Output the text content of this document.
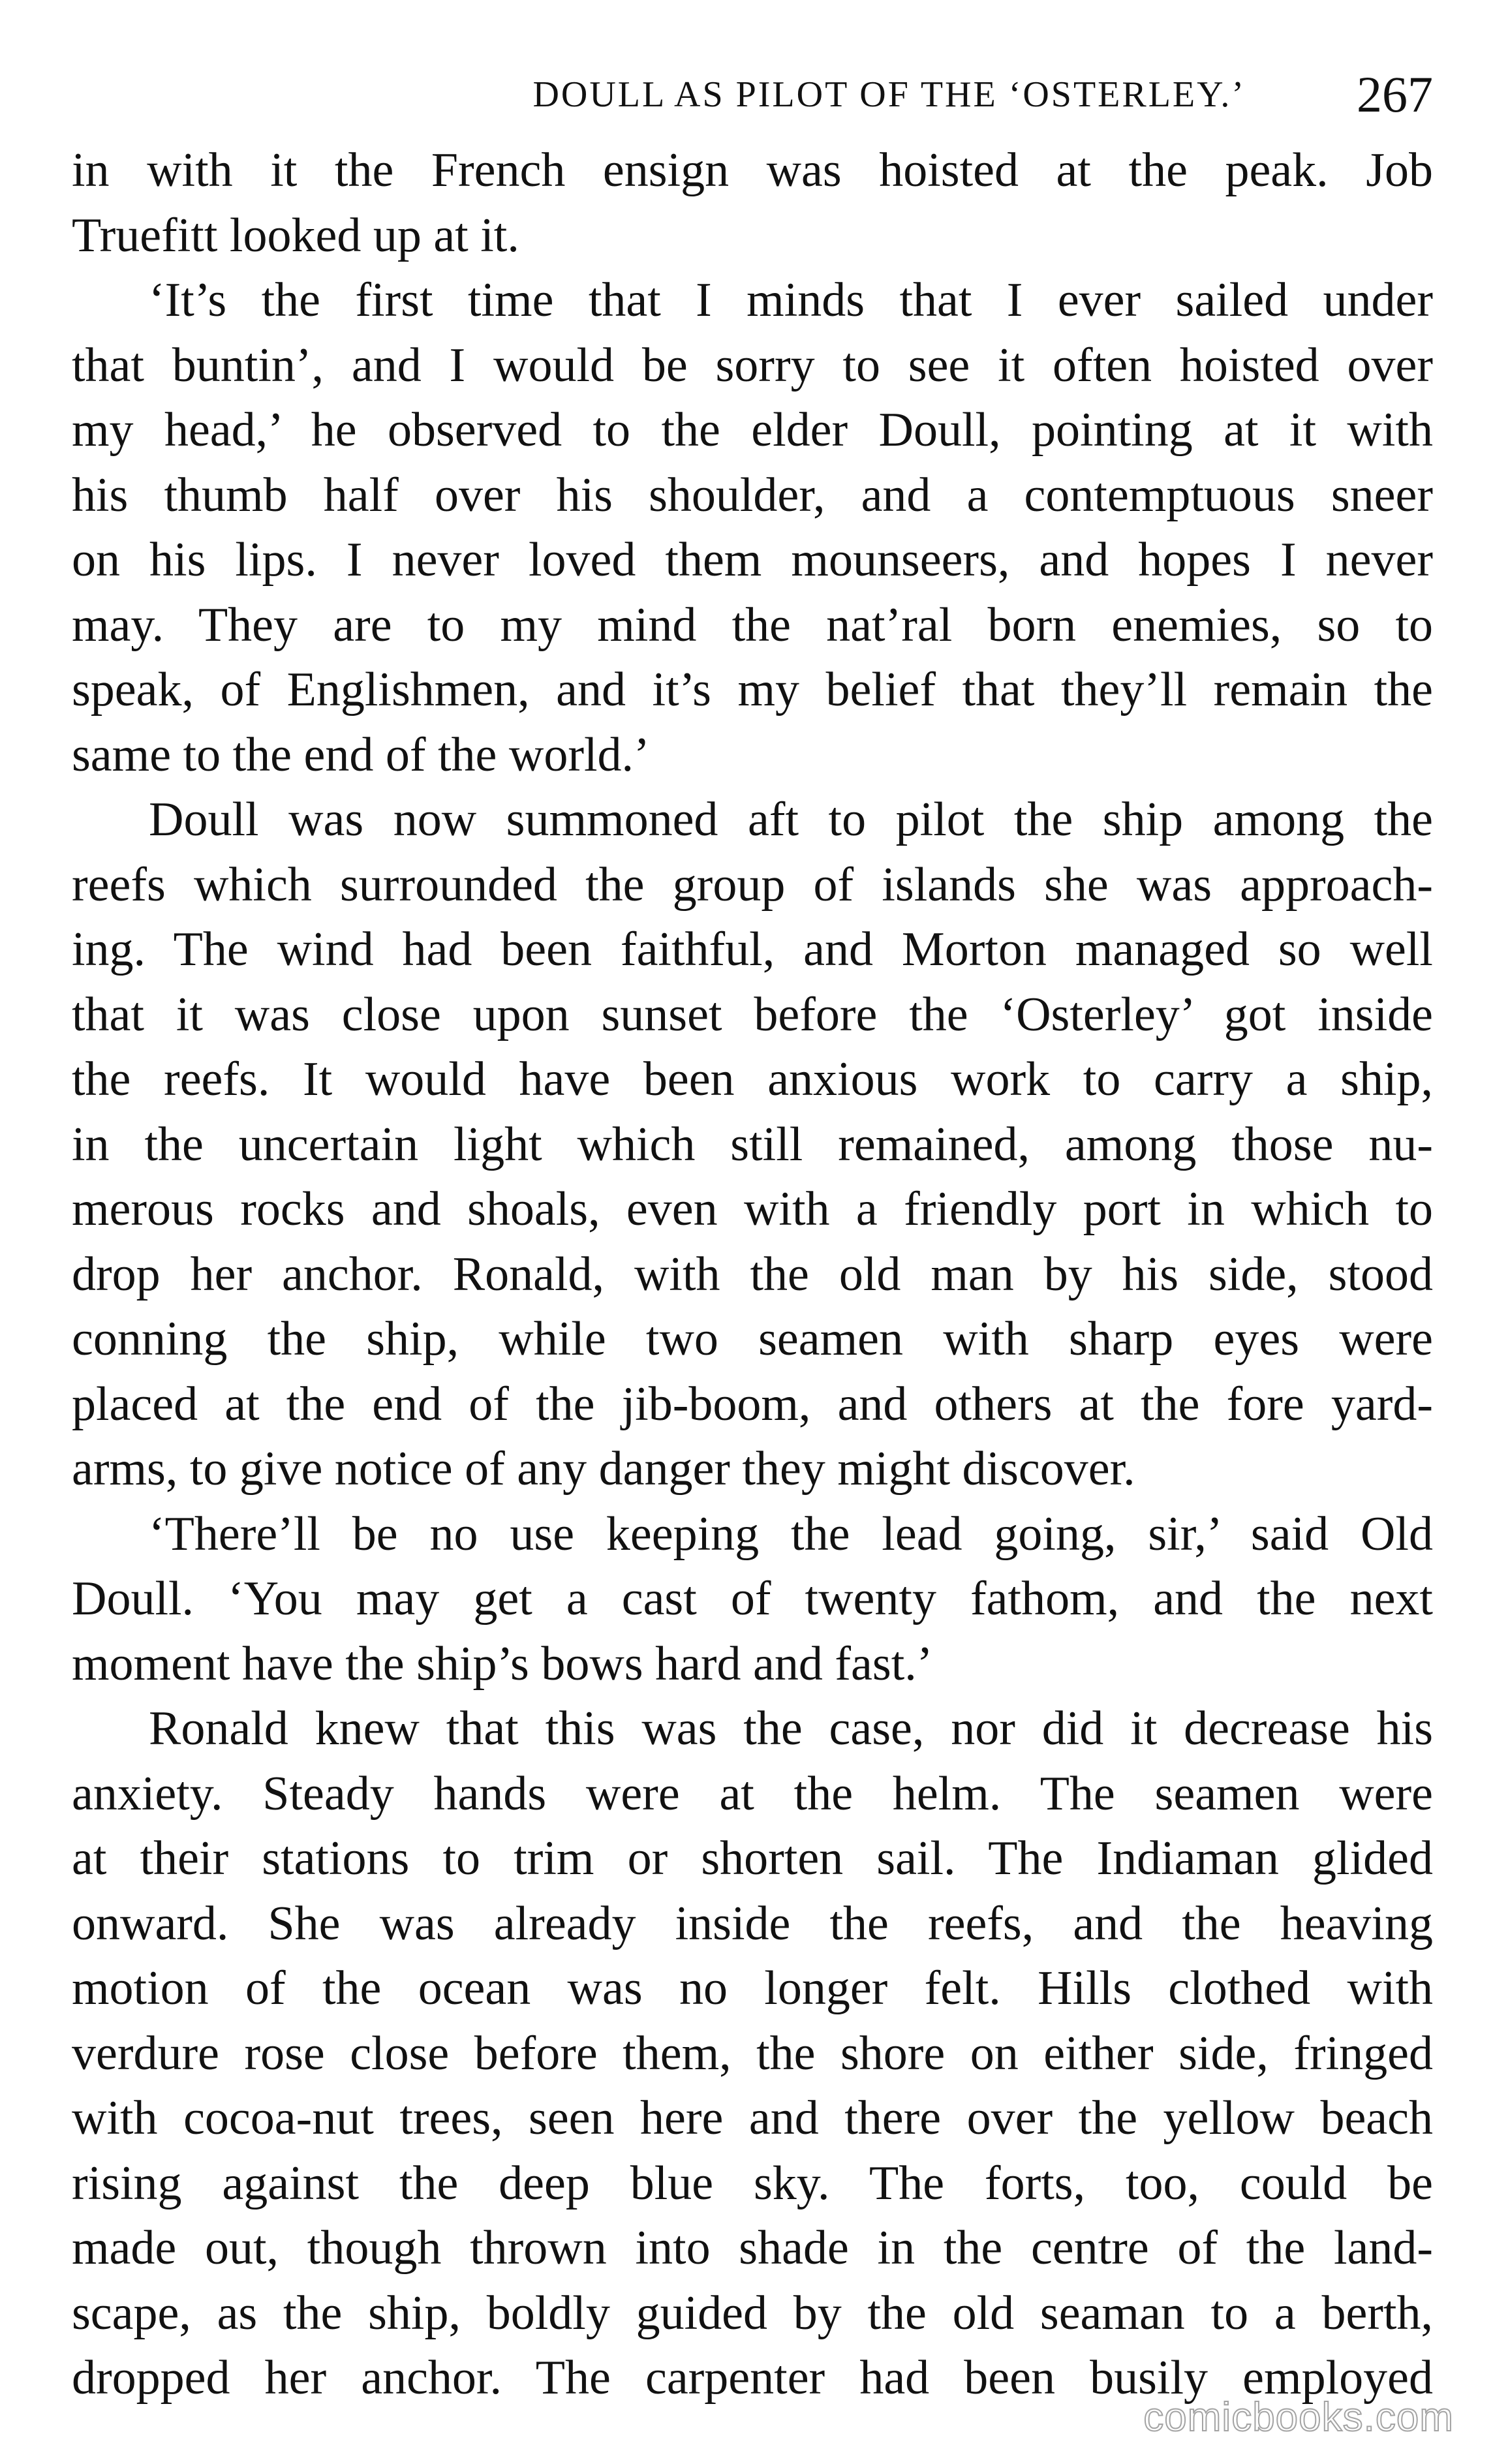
DOULL AS PILOT OF THE ‘OSTERLEY.’ 267
in with it the French ensign was hoisted at the peak. Job
Truefitt looked up at it.
‘It’s the first time that I minds that I ever sailed under
that buntin’, and I would be sorry to see it often hoisted over
my head,’ he observed to the elder Doull, pointing at it with
his thumb half over his shoulder, and a contemptuous sneer
on his lips. I never loved them mounseers, and hopes I never
may. They are to my mind the nat’ral born enemies, so to
speak, of Englishmen, and it’s my belief that they’ll remain the
same to the end of the world.’
Doull was now summoned aft to pilot the ship among the
reefs which surrounded the group of islands she was approach-
ing. The wind had been faithful, and Morton managed so well
that it was close upon sunset before the ‘Osterley’ got inside
the reefs. It would have been anxious work to carry a ship,
in the uncertain light which still remained, among those nu-
merous rocks and shoals, even with a friendly port in which to
drop her anchor. Ronald, with the old man by his side, stood
conning the ship, while two seamen with sharp eyes were
placed at the end of the jib-boom, and others at the fore yard-
arms, to give notice of any danger they might discover.
‘There’ll be no use keeping the lead going, sir,’ said Old
Doull. ‘You may get a cast of twenty fathom, and the next
moment have the ship’s bows hard and fast.’
Ronald knew that this was the case, nor did it decrease his
anxiety. Steady hands were at the helm. The seamen were
at their stations to trim or shorten sail. The Indiaman glided
onward. She was already inside the reefs, and the heaving
motion of the ocean was no longer felt. Hills clothed with
verdure rose close before them, the shore on either side, fringed
with cocoa-nut trees, seen here and there over the yellow beach
rising against the deep blue sky. The forts, too, could be
made out, though thrown into shade in the centre of the land-
scape, as the ship, boldly guided by the old seaman to a berth,
dropped her anchor. The carpenter had been busily employed
comicbooks.com
